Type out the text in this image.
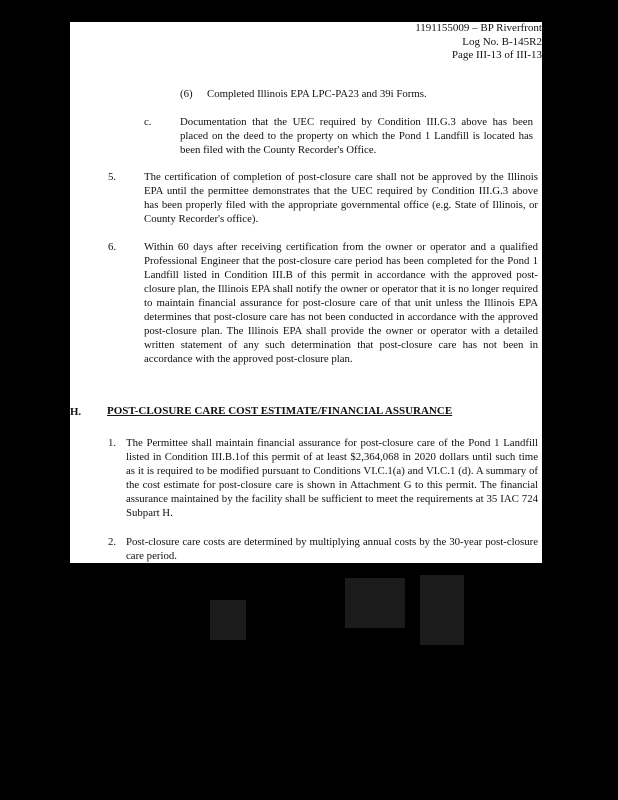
1191155009 – BP Riverfront
Log No. B-145R2
Page III-13 of III-13
(6) Completed Illinois EPA LPC-PA23 and 39i Forms.
c.	Documentation that the UEC required by Condition III.G.3 above has been placed on the deed to the property on which the Pond 1 Landfill is located has been filed with the County Recorder's Office.
5.	The certification of completion of post-closure care shall not be approved by the Illinois EPA until the permittee demonstrates that the UEC required by Condition III.G.3 above has been properly filed with the appropriate governmental office (e.g. State of Illinois, or County Recorder's office).
6.	Within 60 days after receiving certification from the owner or operator and a qualified Professional Engineer that the post-closure care period has been completed for the Pond 1 Landfill listed in Condition III.B of this permit in accordance with the approved post-closure plan, the Illinois EPA shall notify the owner or operator that it is no longer required to maintain financial assurance for post-closure care of that unit unless the Illinois EPA determines that post-closure care has not been conducted in accordance with the approved post-closure plan. The Illinois EPA shall provide the owner or operator with a detailed written statement of any such determination that post-closure care has not been in accordance with the approved post-closure plan.
H. POST-CLOSURE CARE COST ESTIMATE/FINANCIAL ASSURANCE
1. The Permittee shall maintain financial assurance for post-closure care of the Pond 1 Landfill listed in Condition III.B.1of this permit of at least $2,364,068 in 2020 dollars until such time as it is required to be modified pursuant to Conditions VI.C.1(a) and VI.C.1 (d). A summary of the cost estimate for post-closure care is shown in Attachment G to this permit. The financial assurance maintained by the facility shall be sufficient to meet the requirements at 35 IAC 724 Subpart H.
2. Post-closure care costs are determined by multiplying annual costs by the 30-year post-closure care period.
